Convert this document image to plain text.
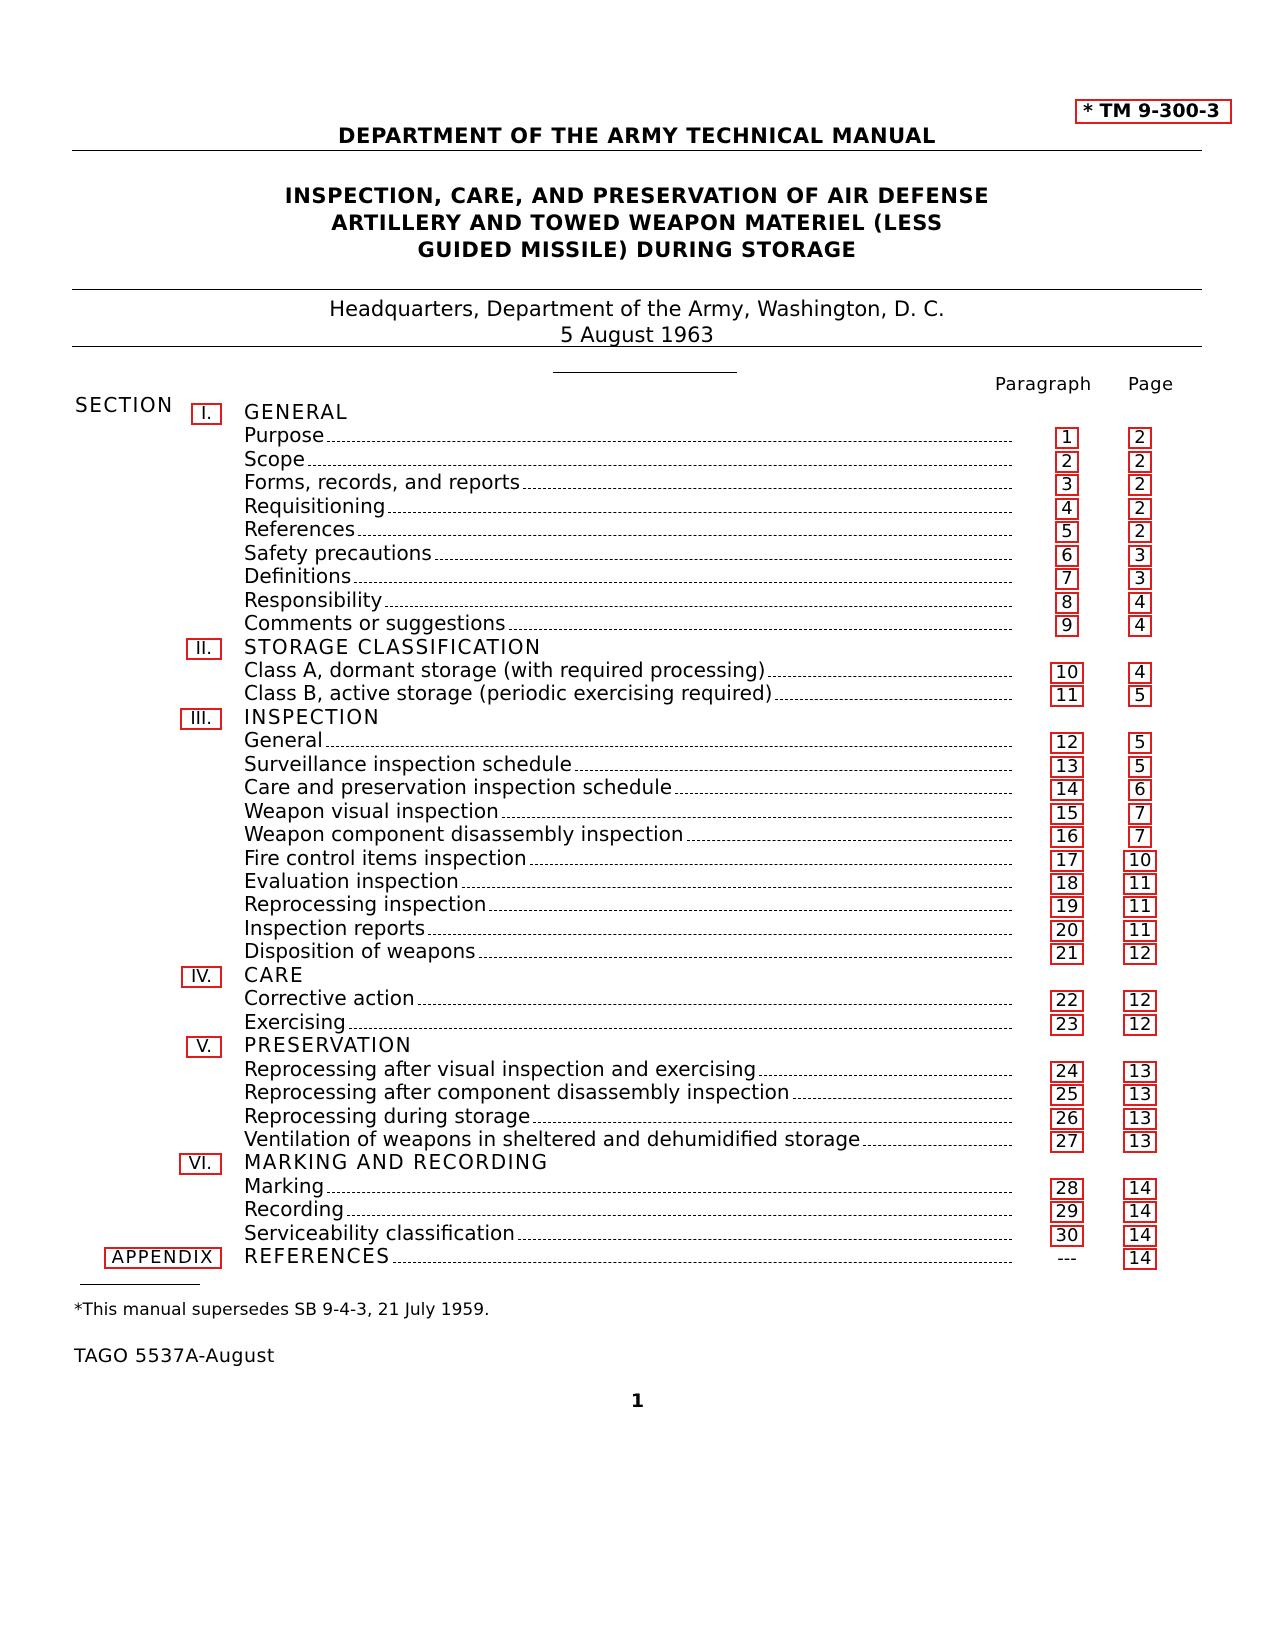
* TM 9-300-3
DEPARTMENT OF THE ARMY TECHNICAL MANUAL
INSPECTION, CARE, AND PRESERVATION OF AIR DEFENSE
ARTILLERY AND TOWED WEAPON MATERIEL (LESS
GUIDED MISSILE) DURING STORAGE
Headquarters, Department of the Army, Washington, D. C.
5 August 1963
Paragraph Page
SECTION	I.	GENERAL
Purpose	1	2
Scope	2	2
Forms, records, and reports	3	2
Requisitioning	4	2
References	5	2
Safety precautions	6	3
Definitions	7	3
Responsibility	8	4
Comments or suggestions	9	4
II.	STORAGE CLASSIFICATION
Class A, dormant storage (with required processing)	10	4
Class B, active storage (periodic exercising required)	11	5
III.	INSPECTION
General	12	5
Surveillance inspection schedule	13	5
Care and preservation inspection schedule	14	6
Weapon visual inspection	15	7
Weapon component disassembly inspection	16	7
Fire control items inspection	17	10
Evaluation inspection	18	11
Reprocessing inspection	19	11
Inspection reports	20	11
Disposition of weapons	21	12
IV.	CARE
Corrective action	22	12
Exercising	23	12
V.	PRESERVATION
Reprocessing after visual inspection and exercising	24	13
Reprocessing after component disassembly inspection	25	13
Reprocessing during storage	26	13
Ventilation of weapons in sheltered and dehumidified storage	27	13
VI.	MARKING AND RECORDING
Marking	28	14
Recording	29	14
Serviceability classification	30	14
APPENDIX	REFERENCES	---	14
*This manual supersedes SB 9-4-3, 21 July 1959.
TAGO 5537A-August
1
